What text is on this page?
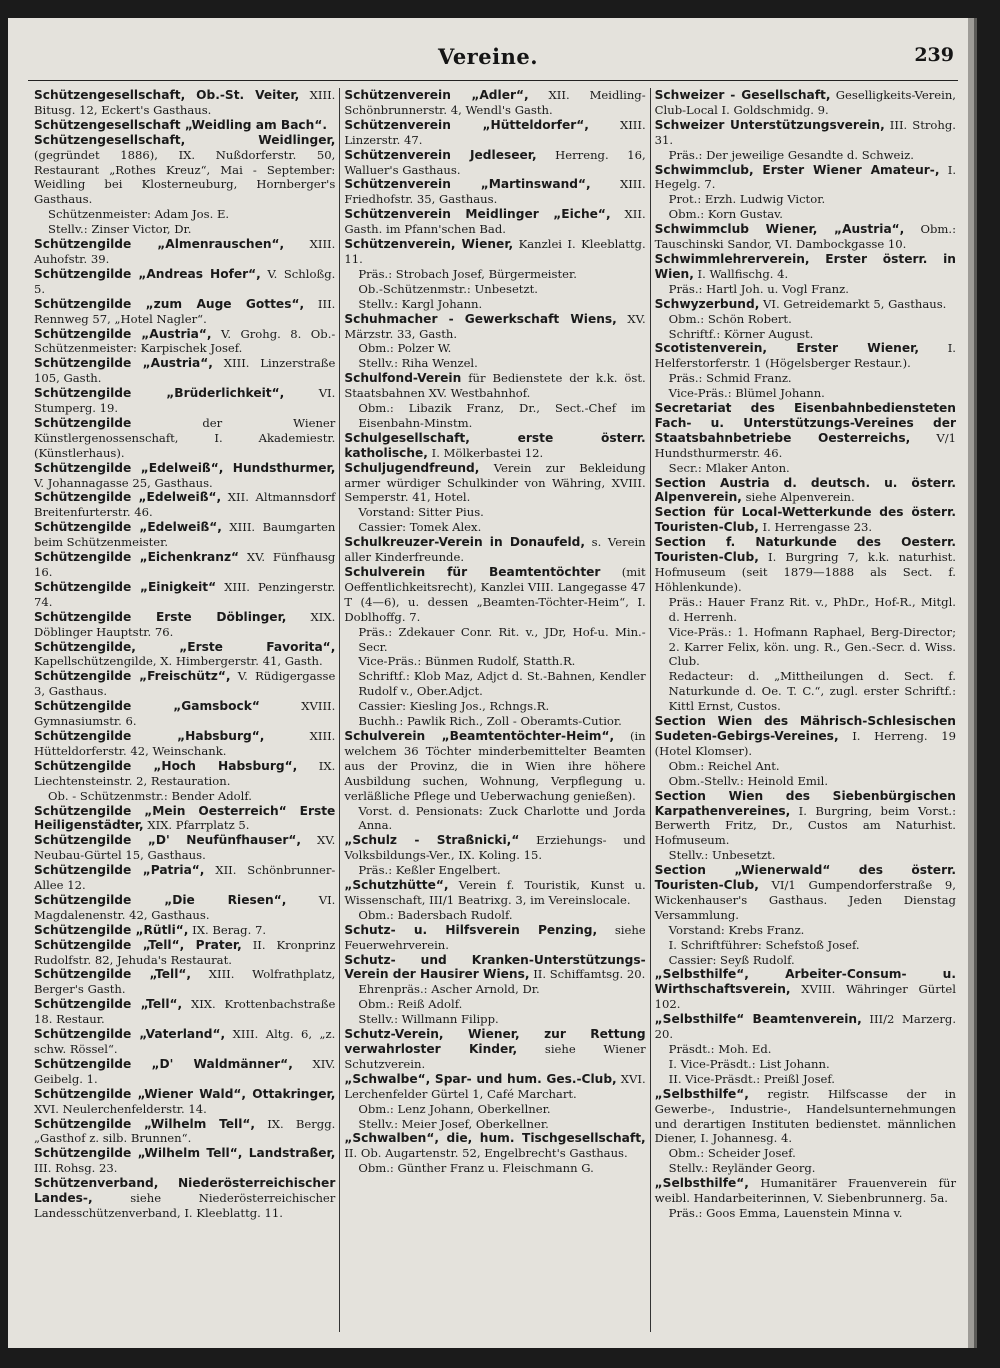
Vereine.	239

Schützengesellschaft, Ob.-St. Veiter, XIII. Bitusg. 12, Eckert's Gasthaus.

Schützengesellschaft „Weidling am Bach“.

Schützengesellschaft, Weidlinger, (gegründet 1886), IX. Nußdorferstr. 50, Restaurant „Rothes Kreuz“, Mai - September: Weidling bei Klosterneuburg, Hornberger's Gasthaus.
Schützenmeister: Adam Jos. E.
Stellv.: Zinser Victor, Dr.

Schützengilde „Almenrauschen“, XIII. Auhofstr. 39.

Schützengilde „Andreas Hofer“, V. Schloßg. 5.

Schützengilde „zum Auge Gottes“, III. Rennweg 57, „Hotel Nagler“.

Schützengilde „Austria“, V. Grohg. 8. Ob.-Schützenmeister: Karpischek Josef.

Schützengilde „Austria“, XIII. Linzerstraße 105, Gasth.

Schützengilde „Brüderlichkeit“,	VI. Stumperg. 19.

Schützengilde	der Wiener Künstlergenossenschaft, I. Akademiestr. (Künstlerhaus).

Schützengilde „Edelweiß“, Hundsthurmer, V. Johannagasse 25, Gasthaus.

Schützengilde „Edelweiß“, XII. Altmannsdorf Breitenfurterstr. 46.

Schützengilde „Edelweiß“, XIII. Baumgarten beim Schützenmeister.

Schützengilde „Eichenkranz“ XV. Fünfhausg 16.

Schützengilde „Einigkeit“ XIII. Penzingerstr. 74.

Schützengilde Erste Döblinger, XIX. Döblinger Hauptstr. 76.

Schützengilde, „Erste Favorita“, Kapellschützengilde, X. Himbergerstr. 41, Gasth.

Schützengilde „Freischütz“, V. Rüdigergasse 3, Gasthaus.

Schützengilde „Gamsbock“	XVIII. Gymnasiumstr. 6.

Schützengilde „Habsburg“,	XIII. Hütteldorferstr. 42, Weinschank.

Schützengilde „Hoch Habsburg“, IX. Liechtensteinstr. 2, Restauration.
Ob. - Schützenmstr.: Bender Adolf.

Schützengilde „Mein Oesterreich“ Erste Heiligenstädter, XIX. Pfarrplatz 5.

Schützengilde „D' Neufünfhauser“, XV. Neubau-Gürtel 15, Gasthaus.

Schützengilde „Patria“, XII. Schönbrunner-Allee 12.

Schützengilde „Die Riesen“,	VI. Magdalenenstr. 42, Gasthaus.

Schützengilde „Rütli“, IX. Berag. 7.

Schützengilde „Tell“, Prater, II. Kronprinz Rudolfstr. 82, Jehuda's Restaurat.

Schützengilde „Tell“, XIII. Wolfrathplatz, Berger's Gasth.

Schützengilde „Tell“, XIX. Krottenbachstraße 18. Restaur.

Schützengilde „Vaterland“, XIII. Altg. 6, „z. schw. Rössel“.

Schützengilde „D' Waldmänner“, XIV. Geibelg. 1.

Schützengilde „Wiener Wald“, Ottakringer, XVI. Neulerchenfelderstr. 14.

Schützengilde „Wilhelm Tell“, IX. Bergg. „Gasthof z. silb. Brunnen“.

Schützengilde „Wilhelm Tell“, Landstraßer, III. Rohsg. 23.

Schützenverband, Niederösterreichischer Landes-,	siehe Niederösterreichischer Landesschützenverband, I. Kleeblattg. 11.

Schützenverein „Adler“, XII. Meidling-Schönbrunnerstr. 4, Wendl's Gasth.

Schützenverein „Hütteldorfer“,	XIII. Linzerstr. 47.

Schützenverein Jedleseer, Herreng. 16, Walluer's Gasthaus.

Schützenverein „Martinswand“,	XIII. Friedhofstr. 35, Gasthaus.

Schützenverein Meidlinger „Eiche“, XII. Gasth. im Pfann'schen Bad.

Schützenverein, Wiener, Kanzlei I. Kleeblattg. 11.
Präs.: Strobach Josef, Bürgermeister.
Ob.-Schützenmstr.: Unbesetzt.
Stellv.: Kargl Johann.

Schuhmacher - Gewerkschaft Wiens, XV. Märzstr. 33, Gasth.
Obm.: Polzer W.
Stellv.: Riha Wenzel.

Schulfond-Verein für Bedienstete der k.k. öst. Staatsbahnen XV. Westbahnhof.
Obm.: Libazik Franz, Dr., Sect.-Chef im Eisenbahn-Minstm.

Schulgesellschaft, erste österr. katholische, I. Mölkerbastei 12.

Schuljugendfreund, Verein zur Bekleidung armer würdiger Schulkinder von Währing, XVIII. Semperstr. 41, Hotel.
Vorstand: Sitter Pius.
Cassier: Tomek Alex.

Schulkreuzer-Verein in Donaufeld, s. Verein aller Kinderfreunde.

Schulverein für Beamtentöchter (mit Oeffentlichkeitsrecht), Kanzlei VIII. Langegasse 47 T (4—6), u. dessen „Beamten-Töchter-Heim“, I. Doblhoffg. 7.
Präs.: Zdekauer Conr. Rit. v., JDr, Hof-u. Min.-Secr.
Vice-Präs.: Bünmen Rudolf, Statth.R.
Schriftf.: Klob Maz, Adjct d. St.-Bahnen, Kendler Rudolf v., Ober.Adjct.
Cassier: Kiesling Jos., Rchngs.R.
Buchh.: Pawlik Rich., Zoll - Oberamts-Cutior.

Schulverein „Beamtentöchter-Heim“, (in welchem 36 Töchter minderbemittelter Beamten aus der Provinz, die in Wien ihre höhere Ausbildung suchen, Wohnung, Verpflegung u. verläßliche Pflege und Ueberwachung genießen).
Vorst. d. Pensionats: Zuck Charlotte und Jorda Anna.

„Schulz - Straßnicki,“ Erziehungs- und Volksbildungs-Ver., IX. Koling. 15.
Präs.: Keßler Engelbert.

„Schutzhütte“, Verein f. Touristik, Kunst u. Wissenschaft, III/1 Beatrixg. 3, im Vereinslocale.
Obm.: Badersbach Rudolf.

Schutz- u. Hilfsverein Penzing, siehe Feuerwehrverein.

Schutz- und Kranken-Unterstützungs-Verein der Hausirer Wiens, II. Schiffamtsg. 20.
Ehrenpräs.: Ascher Arnold, Dr.
Obm.: Reiß Adolf.
Stellv.: Willmann Filipp.

Schutz-Verein, Wiener, zur Rettung verwahrloster Kinder, siehe Wiener Schutzverein.

„Schwalbe“, Spar- und hum. Ges.-Club, XVI. Lerchenfelder Gürtel 1, Café Marchart.
Obm.: Lenz Johann, Oberkellner.
Stellv.: Meier Josef, Oberkellner.

„Schwalben“, die, hum. Tischgesellschaft, II. Ob. Augartenstr. 52, Engelbrecht's Gasthaus.
Obm.: Günther Franz u. Fleischmann G.

Schweizer - Gesellschaft, Geselligkeits-Verein, Club-Local I. Goldschmidg. 9.

Schweizer Unterstützungsverein, III. Strohg. 31.
Präs.: Der jeweilige Gesandte d. Schweiz.

Schwimmclub, Erster Wiener Amateur-, I. Hegelg. 7.
Prot.: Erzh. Ludwig Victor.
Obm.: Korn Gustav.

Schwimmclub Wiener, „Austria“, Obm.: Tauschinski Sandor, VI. Dambockgasse 10.

Schwimmlehrerverein, Erster österr. in Wien, I. Wallfischg. 4.
Präs.: Hartl Joh. u. Vogl Franz.

Schwyzerbund, VI. Getreidemarkt 5, Gasthaus.
Obm.: Schön Robert.
Schriftf.: Körner August.

Scotistenverein, Erster Wiener, I. Helferstorferstr. 1 (Högelsberger Restaur.).
Präs.: Schmid Franz.
Vice-Präs.: Blümel Johann.

Secretariat des Eisenbahnbediensteten Fach- u. Unterstützungs-Vereines der Staatsbahnbetriebe Oesterreichs, V/1 Hundsthurmerstr. 46.
Secr.: Mlaker Anton.

Section Austria d. deutsch. u. österr. Alpenverein, siehe Alpenverein.

Section für Local-Wetterkunde des österr. Touristen-Club, I. Herrengasse 23.

Section f. Naturkunde des Oesterr. Touristen-Club, I. Burgring 7, k.k. naturhist. Hofmuseum (seit 1879—1888 als Sect. f. Höhlenkunde).
Präs.: Hauer Franz Rit. v., PhDr., Hof-R., Mitgl. d. Herrenh.
Vice-Präs.: 1. Hofmann Raphael, Berg-Director; 2. Karrer Felix, kön. ung. R., Gen.-Secr. d. Wiss. Club.
Redacteur: d. „Mittheilungen d. Sect. f. Naturkunde d. Oe. T. C.“, zugl. erster Schriftf.: Kittl Ernst, Custos.

Section Wien des Mährisch-Schlesischen Sudeten-Gebirgs-Vereines, I. Herreng. 19 (Hotel Klomser).
Obm.: Reichel Ant.
Obm.-Stellv.: Heinold Emil.

Section Wien des Siebenbürgischen Karpathenvereines, I. Burgring, beim Vorst.: Berwerth Fritz, Dr., Custos am Naturhist. Hofmuseum.
Stellv.: Unbesetzt.

Section „Wienerwald“ des österr. Touristen-Club, VI/1 Gumpendorferstraße 9, Wickenhauser's Gasthaus. Jeden Dienstag Versammlung.
Vorstand: Krebs Franz.
I. Schriftführer: Schefstoß Josef.
Cassier: Seyß Rudolf.

„Selbsthilfe“, Arbeiter-Consum- u. Wirthschaftsverein, XVIII. Währinger Gürtel 102.

„Selbsthilfe“ Beamtenverein, III/2 Marzerg. 20.
Präsdt.: Moh. Ed.
I. Vice-Präsdt.: List Johann.
II. Vice-Präsdt.: Preißl Josef.

„Selbsthilfe“, registr. Hilfscasse der in Gewerbe-, Industrie-, Handelsunternehmungen und derartigen Instituten bedienstet. männlichen Diener, I. Johannesg. 4.
Obm.: Scheider Josef.
Stellv.: Reyländer Georg.

„Selbsthilfe“, Humanitärer Frauenverein für weibl. Handarbeiterinnen, V. Siebenbrunnerg. 5a.
Präs.: Goos Emma, Lauenstein Minna v.
